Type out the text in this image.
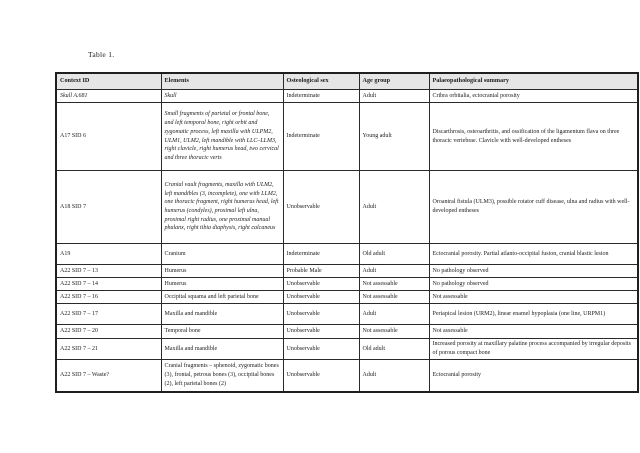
Table 1.
Context ID	Elements	Osteological sex	Age group	Palaeopathological summary
Skull A.681	Skull	Indeterminate	Adult	Cribra orbitalia, ectocranial porosity
A17 SID 6	Small fragments of parietal or frontal bone, and left temporal bone, right orbit and zygomatic process, left maxilla with ULPM2, ULM1, ULM2, left mandible with LLC–LLM3, right clavicle, right humerus head, two cervical and three thoracic verts	Indeterminate	Young adult	Discarthrosis, osteoarthritis, and ossification of the ligamentum flava on three thoracic vertebrae. Clavicle with well-developed entheses
A18 SID 7	Cranial vault fragments, maxilla with ULM2, left mandibles (3, incomplete), one with LLM2, one thoracic fragment, right humerus head, left humerus (condyles), proximal left ulna, proximal right radius, one proximal manual phalanx, right tibia diaphysis, right calcaneus	Unobservable	Adult	Oroantral fistula (ULM3), possible rotator cuff disease, ulna and radius with well-developed entheses
A19	Cranium	Indeterminate	Old adult	Ectocranial porosity. Partial atlanto-occipital fusion, cranial blastic lesion
A22 SID 7 – 13	Humerus	Probable Male	Adult	No pathology observed
A22 SID 7 – 14	Humerus	Unobservable	Not assessable	No pathology observed
A22 SID 7 – 16	Occipital squama and left parietal bone	Unobservable	Not assessable	Not assessable
A22 SID 7 – 17	Maxilla and mandible	Unobservable	Adult	Periapical lesion (URM2), linear enamel hypoplasia (one line, URPM1)
A22 SID 7 – 20	Temporal bone	Unobservable	Not assessable	Not assessable
A22 SID 7 – 21	Maxilla and mandible	Unobservable	Old adult	Increased porosity at maxillary palatine process accompanied by irregular deposits of porous compact bone
A22 SID 7 – Waste?	Cranial fragments – sphenoid, zygomatic bones (3), frontal, petrous bones (3), occipital bones (2), left parietal bones (2)	Unobservable	Adult	Ectocranial porosity
